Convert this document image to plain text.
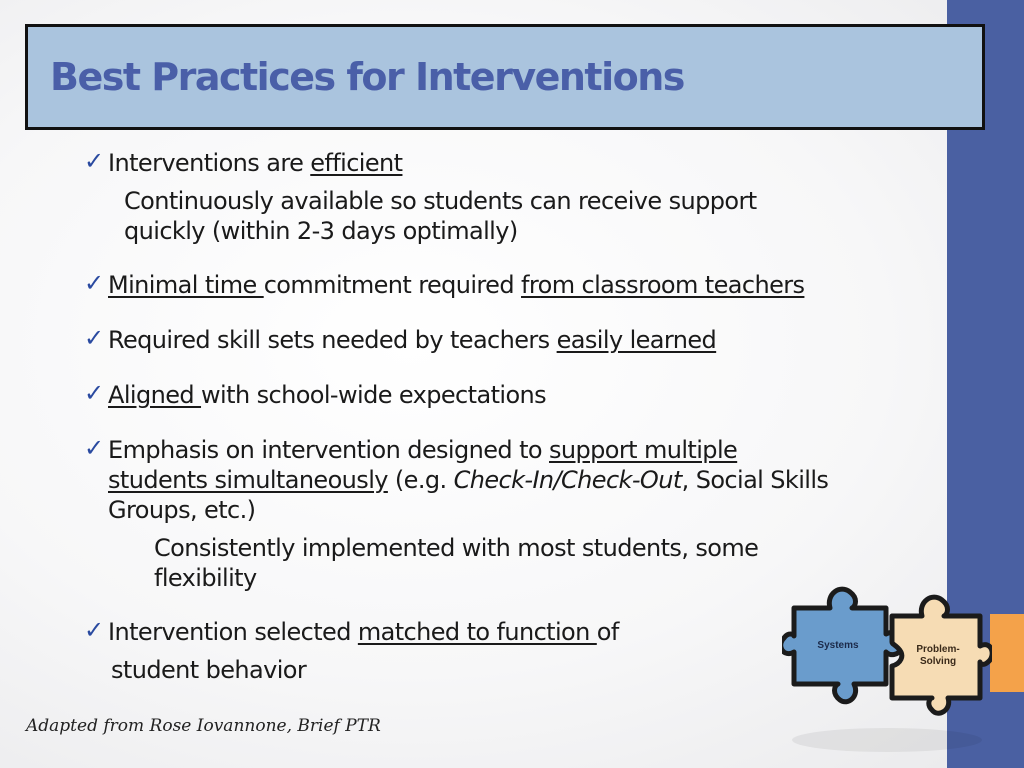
Best Practices for Interventions
✓ Interventions are efficient
Continuously available so students can receive support
quickly (within 2-3 days optimally)
✓ Minimal time commitment required from classroom teachers
✓ Required skill sets needed by teachers easily learned
✓ Aligned with school-wide expectations
✓ Emphasis on intervention designed to support multiple
students simultaneously (e.g. Check-In/Check-Out, Social Skills
Groups, etc.)
Consistently implemented with most students, some
flexibility
✓ Intervention selected matched to function of
student behavior
Systems	Problem-
Solving
Adapted from Rose Iovannone, Brief PTR
